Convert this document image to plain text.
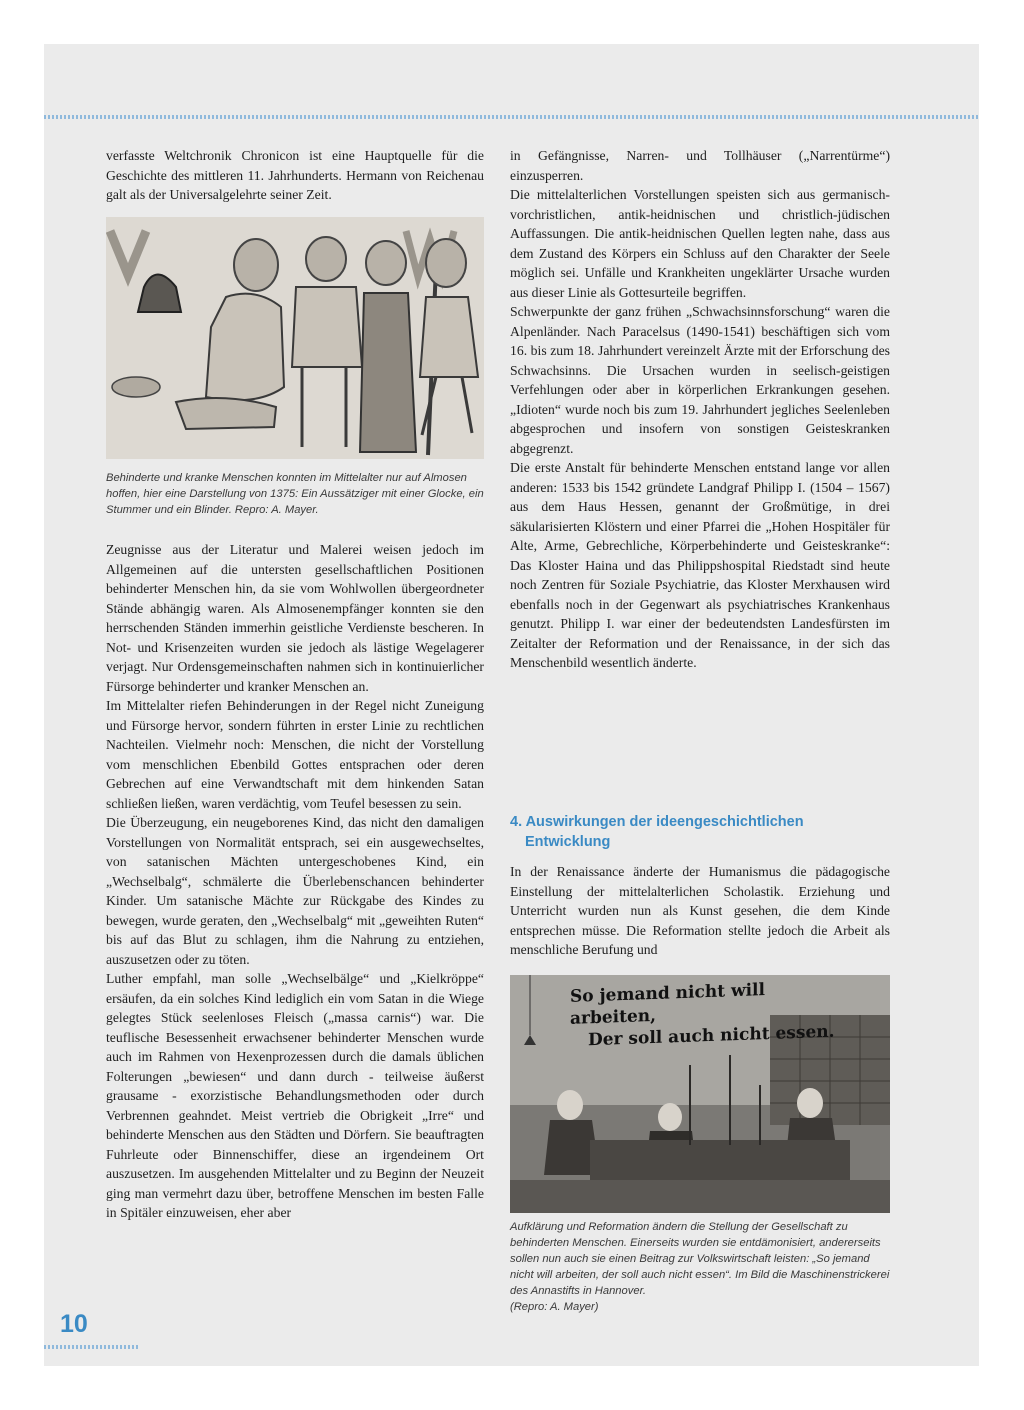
verfasste Weltchronik Chronicon ist eine Hauptquelle für die Geschichte des mittleren 11. Jahrhunderts. Hermann von Reichenau galt als der Universalgelehrte seiner Zeit.

Behinderte und kranke Menschen konnten im Mittelalter nur auf Almosen hoffen, hier eine Darstellung von 1375: Ein Aussätziger mit einer Glocke, ein Stummer und ein Blinder. Repro: A. Mayer.

Zeugnisse aus der Literatur und Malerei weisen jedoch im Allgemeinen auf die untersten gesellschaftlichen Positionen behinderter Menschen hin, da sie vom Wohlwollen übergeordneter Stände abhängig waren. Als Almosenempfänger konnten sie den herrschenden Ständen immerhin geistliche Verdienste bescheren. In Not- und Krisenzeiten wurden sie jedoch als lästige Wegelagerer verjagt. Nur Ordensgemeinschaften nahmen sich in kontinuierlicher Fürsorge behinderter und kranker Menschen an.

Im Mittelalter riefen Behinderungen in der Regel nicht Zuneigung und Fürsorge hervor, sondern führten in erster Linie zu rechtlichen Nachteilen. Vielmehr noch: Menschen, die nicht der Vorstellung vom menschlichen Ebenbild Gottes entsprachen oder deren Gebrechen auf eine Verwandtschaft mit dem hinkenden Satan schließen ließen, waren verdächtig, vom Teufel besessen zu sein.

Die Überzeugung, ein neugeborenes Kind, das nicht den damaligen Vorstellungen von Normalität entsprach, sei ein ausgewechseltes, von satanischen Mächten untergeschobenes Kind, ein „Wechselbalg“, schmälerte die Überlebenschancen behinderter Kinder. Um satanische Mächte zur Rückgabe des Kindes zu bewegen, wurde geraten, den „Wechselbalg“ mit „geweihten Ruten“ bis auf das Blut zu schlagen, ihm die Nahrung zu entziehen, auszusetzen oder zu töten.

Luther empfahl, man solle „Wechselbälge“ und „Kielkröppe“ ersäufen, da ein solches Kind lediglich ein vom Satan in die Wiege gelegtes Stück seelenloses Fleisch („massa carnis“) war. Die teuflische Besessenheit erwachsener behinderter Menschen wurde auch im Rahmen von Hexenprozessen durch die damals üblichen Folterungen „bewiesen“ und dann durch - teilweise äußerst grausame - exorzistische Behandlungsmethoden oder durch Verbrennen geahndet. Meist vertrieb die Obrigkeit „Irre“ und behinderte Menschen aus den Städten und Dörfern. Sie beauftragten Fuhrleute oder Binnenschiffer, diese an irgendeinem Ort auszusetzen. Im ausgehenden Mittelalter und zu Beginn der Neuzeit ging man vermehrt dazu über, betroffene Menschen im besten Falle in Spitäler einzuweisen, eher aber

in Gefängnisse, Narren- und Tollhäuser („Narrentürme“) einzusperren.

Die mittelalterlichen Vorstellungen speisten sich aus germanisch-vorchristlichen, antik-heidnischen und christlich-jüdischen Auffassungen. Die antik-heidnischen Quellen legten nahe, dass aus dem Zustand des Körpers ein Schluss auf den Charakter der Seele möglich sei. Unfälle und Krankheiten ungeklärter Ursache wurden aus dieser Linie als Gottesurteile begriffen.

Schwerpunkte der ganz frühen „Schwachsinnsforschung“ waren die Alpenländer. Nach Paracelsus (1490-1541) beschäftigen sich vom 16. bis zum 18. Jahrhundert vereinzelt Ärzte mit der Erforschung des Schwachsinns. Die Ursachen wurden in seelisch-geistigen Verfehlungen oder aber in körperlichen Erkrankungen gesehen. „Idioten“ wurde noch bis zum 19. Jahrhundert jegliches Seelenleben abgesprochen und insofern von sonstigen Geisteskranken abgegrenzt.

Die erste Anstalt für behinderte Menschen entstand lange vor allen anderen: 1533 bis 1542 gründete Landgraf Philipp I. (1504 – 1567) aus dem Haus Hessen, genannt der Großmütige, in drei säkularisierten Klöstern und einer Pfarrei die „Hohen Hospitäler für Alte, Arme, Gebrechliche, Körperbehinderte und Geisteskranke“: Das Kloster Haina und das Philippshospital Riedstadt sind heute noch Zentren für Soziale Psychiatrie, das Kloster Merxhausen wird ebenfalls noch in der Gegenwart als psychiatrisches Krankenhaus genutzt. Philipp I. war einer der bedeutendsten Landesfürsten im Zeitalter der Reformation und der Renaissance, in der sich das Menschenbild wesentlich änderte.

4. Auswirkungen der ideengeschichtlichen
Entwicklung

In der Renaissance änderte der Humanismus die pädagogische Einstellung der mittelalterlichen Scholastik. Erziehung und Unterricht wurden nun als Kunst gesehen, die dem Kinde entsprechen müsse. Die Reformation stellte jedoch die Arbeit als menschliche Berufung und

So jemand nicht will arbeiten,
Der soll auch nicht essen.
Aufklärung und Reformation ändern die Stellung der Gesellschaft zu behinderten Menschen. Einerseits wurden sie entdämonisiert, andererseits sollen nun auch sie einen Beitrag zur Volkswirtschaft leisten: „So jemand nicht will arbeiten, der soll auch nicht essen“. Im Bild die Maschinenstrickerei des Annastifts in Hannover.
(Repro: A. Mayer)
10
